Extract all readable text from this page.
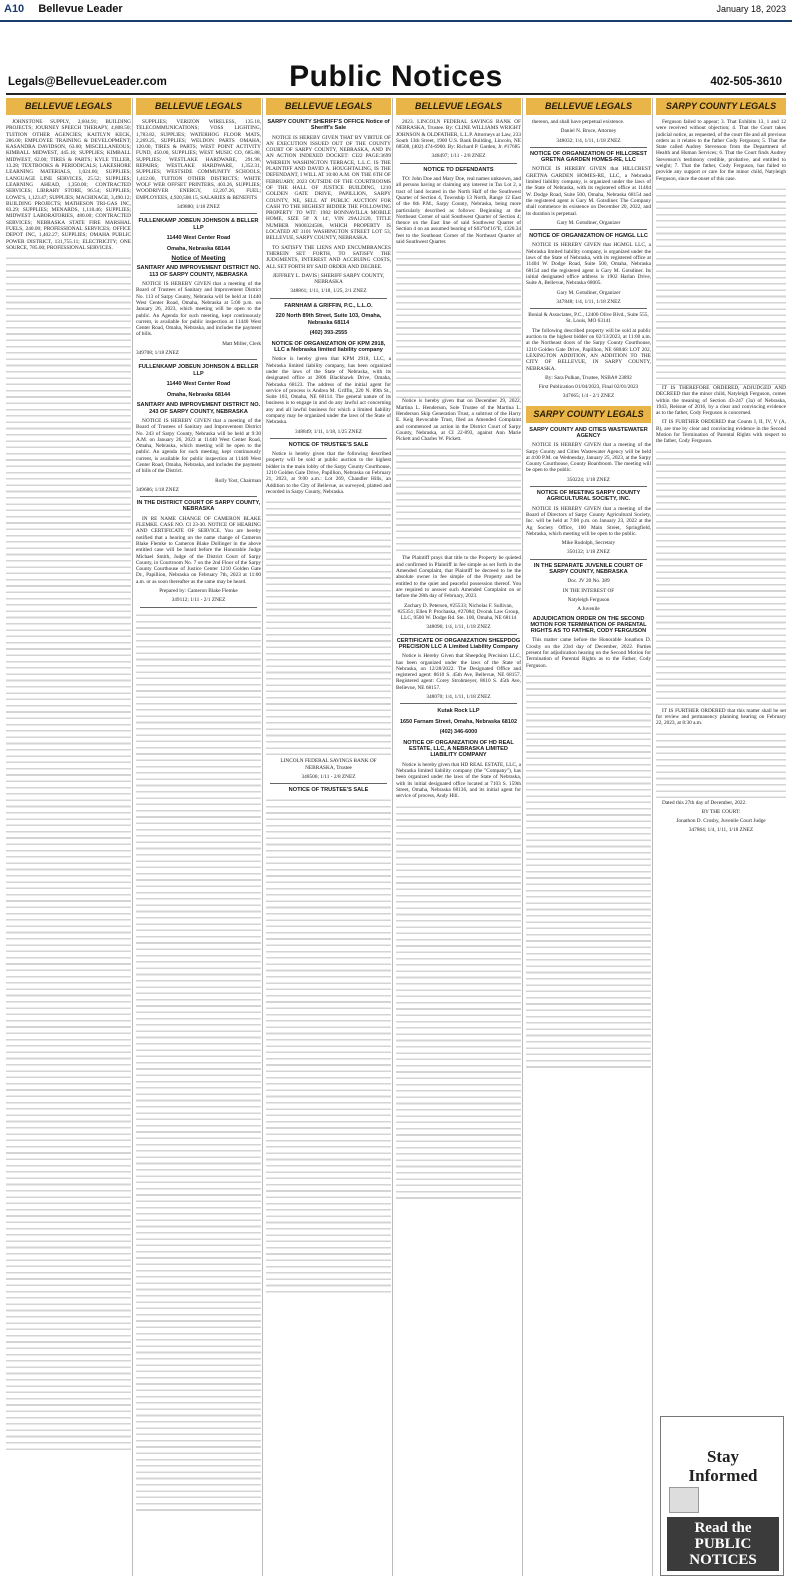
A10 Bellevue Leader	January 18, 2023
Public Notices
Legals@BellevueLeader.com	402-505-3610
BELLEVUE LEGALS

JOHNSTONE SUPPLY, 2,604.91; BUILDING PROJECTS; JOURNEY SPEECH THERAPY, 4,808.50; TUITION OTHER AGENCIES; KAITLYN KECK, 286.00; EMPLOYEE TRAINING & DEVELOPMENT; KASANDRA DAVIDSON, 63.00; MISCELLANEOUS; KIMBALL MIDWEST, 445.16; SUPPLIES; KIMBALL MIDWEST, 62.00; TIRES & PARTS; KYLE TILLER, 13.28; TEXTBOOKS & PERIODICALS; LAKESHORE LEARNING MATERIALS, 1,024.66; SUPPLIES; LANGUAGE LINE SERVICES, 25.52; SUPPLIES; LEARNING AHEAD, 1,350.00; CONTRACTED SERVICES; LIBRARY STORE, 96.54; SUPPLIES; LOWE'S, 1,123.47; SUPPLIES; MACHINAGE, 3,490.12; BUILDING PROJECTS; MATHESON TRI-GAS INC, 83.29; SUPPLIES; MENARDS, 1,118.46; SUPPLIES; MIDWEST LABORATORIES, 480.00; CONTRACTED SERVICES; NEBRASKA STATE FIRE MARSHAL FUELS, 240.00; PROFESSIONAL SERVICES; OFFICE DEPOT INC, 1,402.27; SUPPLIES; OMAHA PUBLIC POWER DISTRICT, 131,755.11; ELECTRICITY; ONE SOURCE, 785.00; PROFESSIONAL SERVICES.

BELLEVUE LEGALS

SUPPLIES; VERIZON WIRELESS, 135.18, TELECOMMUNICATIONS; VOSS LIGHTING, 1,783.82, SUPPLIES; WATERHOG FLOOR MATS, 2,269.25, SUPPLIES; WELDON PARTS OMAHA, 120.00, TIRES & PARTS; WEST POINT ACTIVITY FUND, 450.00, SUPPLIES; WEST MUSIC CO, 685.88, SUPPLIES; WESTLAKE HARDWARE, 291.98, REPAIRS; WESTLAKE HARDWARE, 1,352.31, SUPPLIES; WESTSIDE COMMUNITY SCHOOLS, 1,412.00, TUITION OTHER DISTRICTS; WHITE WOLF WEB OFFSET PRINTERS, 403.26, SUPPLIES; WOODRIVER ENERGY, 12,207.26, FUEL; EMPLOYEES, 4,920,508.15, SALARIES & BENEFITS

349880; 1/18 ZNEZ

FULLENKAMP JOBEUN JOHNSON & BELLER LLP
11440 West Center Road
Omaha, Nebraska 68144

Notice of Meeting

SANITARY AND IMPROVEMENT DISTRICT NO. 113 OF SARPY COUNTY, NEBRASKA

NOTICE IS HEREBY GIVEN that a meeting of the Board of Trustees of Sanitary and Improvement District No. 113 of Sarpy County, Nebraska will be held at 11440 West Center Road, Omaha, Nebraska at 5:00 p.m. on January 26, 2023, which meeting will be open to the public. An Agenda for such meeting, kept continuously current, is available for public inspection at 11440 West Center Road, Omaha, Nebraska, and includes the payment of bills.

Matt Miller, Clerk

349708; 1/18 ZNEZ

FULLENKAMP JOBEUN JOHNSON & BELLER LLP
11440 West Center Road
Omaha, Nebraska 68144

SANITARY AND IMPROVEMENT DISTRICT NO. 243 OF SARPY COUNTY, NEBRASKA

NOTICE IS HEREBY GIVEN that a meeting of the Board of Trustees of Sanitary and Improvement District No. 243 of Sarpy County, Nebraska will be held at 9:30 A.M. on January 26, 2023 at 11440 West Center Road, Omaha, Nebraska, which meeting will be open to the public. An agenda for such meeting, kept continuously current, is available for public inspection at 11440 West Center Road, Omaha, Nebraska, and includes the payment of bills of the District.

Rolly Yost, Chairman

349686; 1/18 ZNEZ

IN THE DISTRICT COURT OF SARPY COUNTY, NEBRASKA

IN RE NAME CHANGE OF CAMERON BLAKE FLEMKE. CASE NO. CI 23-30. NOTICE OF HEARING AND CERTIFICATE OF SERVICE. You are hereby notified that a hearing on the name change of Cameron Blake Flemke to Cameron Blake Dollinger in the above entitled case will be heard before the Honorable Judge Michael Smith, Judge of the District Court of Sarpy County, in Courtroom No. 7 on the 2nd Floor of the Sarpy County Courthouse of Justice Center 1210 Golden Gate Dr., Papillion, Nebraska on February 7th, 2023 at 11:00 a.m. or as soon thereafter as the same may be heard.

Prepared by: Cameron Blake Flemke

349112; 1/11 - 2/1 ZNEZ

BELLEVUE LEGALS

SARPY COUNTY SHERIFF'S OFFICE Notice of Sheriff's Sale

NOTICE IS HEREBY GIVEN THAT BY VIRTUE OF AN EXECUTION ISSUED OUT OF THE COUNTY COURT OF SARPY COUNTY, NEBRASKA, AND IN AN ACTION INDEXED DOCKET: CI22 PAGE:3699 WHEREIN WASHINGTON TERRACE, L.L.C. IS THE PLAINTIFF AND DAVID A. HOUGHTALING, IS THE DEFENDANT, I WILL AT 10:00 A.M. ON THE 6TH OF FEBRUARY, 2023 OUTSIDE OF THE COURTROOMS OF THE HALL OF JUSTICE BUILDING, 1210 GOLDEN GATE DRIVE, PAPILLION, SARPY COUNTY, NE, SELL AT PUBLIC AUCTION FOR CASH TO THE HIGHEST BIDDER THE FOLLOWING PROPERTY TO WIT: 1982 BONNAVILLA MOBILE HOME, SIZE 50' X 14', VIN 29A12120, TITLE NUMBER N000324586, WHICH PROPERTY IS LOCATED AT 3101 WASHINGTON STREET LOT 53, BELLEVUE, SARPY COUNTY, NEBRASKA.

TO SATISFY THE LIENS AND ENCUMBRANCES THEREIN SET FORTH, TO SATISFY THE JUDGMENTS, INTEREST AND ACCRUING COSTS, ALL SET FORTH BY SAID ORDER AND DECREE.

JEFFREY L. DAVIS | SHERIFF SARPY COUNTY, NEBRASKA

348861; 1/11, 1/18, 1/25, 2/1 ZNEZ

FARNHAM & GRIFFIN, P.C., L.L.O.
220 North 89th Street, Suite 103, Omaha, Nebraska 68114
(402) 393-2555

NOTICE OF ORGANIZATION OF KPM 2918, LLC a Nebraska limited liability company

Notice is hereby given that KPM 2918, LLC, a Nebraska limited liability company, has been organized under the laws of the State of Nebraska, with its designated office at 2806 Blackhawk Drive, Omaha, Nebraska 68123. The address of the initial agent for service of process is Andrea M. Griffin, 220 N. 89th St., Suite 103, Omaha, NE 68114. The general nature of its business is to engage in and do any lawful act concerning any and all lawful business for which a limited liability company may be organized under the laws of the State of Nebraska.

348849; 1/11, 1/18, 1/25 ZNEZ

NOTICE OF TRUSTEE'S SALE

Notice is hereby given that the following described property will be sold at public auction to the highest bidder in the main lobby of the Sarpy County Courthouse, 1210 Golden Gate Drive, Papillion, Nebraska on February 21, 2023, at 9:00 a.m.: Lot 269, Chandler Hills, an Addition to the City of Bellevue, as surveyed, platted and recorded in Sarpy County, Nebraska.

LINCOLN FEDERAL SAVINGS BANK OF NEBRASKA, Trustee

348506; 1/11 - 2/8 ZNEZ

NOTICE OF TRUSTEE'S SALE

BELLEVUE LEGALS

2023. LINCOLN FEDERAL SAVINGS BANK OF NEBRASKA, Trustee. By: CLINE WILLIAMS WRIGHT JOHNSON & OLDFATHER, L.L.P. Attorneys at Law, 233 South 13th Street, 1900 U.S. Bank Building, Lincoln, NE 68508, (402) 474-6900. By: Richard P. Garden, Jr. #17685

348497; 1/11 - 2/8 ZNEZ

NOTICE TO DEFENDANTS

TO: John Doe and Mary Doe, real names unknown, and all persons having or claiming any interest in Tax Lot 2, a tract of land located in the North Half of the Southwest Quarter of Section 4, Township 13 North, Range 12 East of the 6th P.M., Sarpy County, Nebraska, being more particularly described as follows: Beginning at the Northeast Corner of said Southwest Quarter of Section 4; thence on the East line of said Southwest Quarter of Section 4 on an assumed bearing of S03°04'16"E, 1326.34 feet to the Southeast Corner of the Northeast Quarter of said Southwest Quarter.

Notice is hereby given that on December 29, 2022, Martina L. Henderson, Sole Trustee of the Martina L. Henderson Skip Generation Trust, a subtrust of the Harry E. Keig Revocable Trust, filed an Amended Complaint and commenced an action in the District Court of Sarpy County, Nebraska, at CI 22-893, against Ann Marie Pickett and Charles W. Pickett.

The Plaintiff prays that title to the Property be quieted and confirmed in Plaintiff in fee simple as set forth in the Amended Complaint, that Plaintiff be decreed to be the absolute owner in fee simple of the Property and be entitled to the quiet and peaceful possession thereof. You are required to answer such Amended Complaint on or before the 28th day of February, 2023.

Zachary D. Petersen, #25533; Nicholas F. Sullivan, #25351; Ellen P. Prochaska, #27084; Dvorak Law Group, LLC, 9500 W. Dodge Rd. Ste. 100, Omaha, NE 68114

348096; 1/4, 1/11, 1/18 ZNEZ

CERTIFICATE OF ORGANIZATION SHEEPDOG PRECISION LLC A Limited Liability Company

Notice is Hereby Given that Sheepdog Precision LLC, has been organized under the laws of the State of Nebraska, on 12/28/2022. The Designated Office and registered agent: 8610 S. 45th Ave, Bellevue, NE 68157. Registered agent: Corey Strohmeyer, 8610 S. 45th Ave, Bellevue, NE 68157.

348070; 1/4, 1/11, 1/18 ZNEZ

Kutak Rock LLP
1650 Farnam Street, Omaha, Nebraska 68102
(402) 346-6000

NOTICE OF ORGANIZATION OF HD REAL ESTATE, LLC, A NEBRASKA LIMITED LIABILITY COMPANY

Notice is hereby given that HD REAL ESTATE, LLC, a Nebraska limited liability company (the "Company"), has been organized under the laws of the State of Nebraska, with its initial designated office located at 7103 S. 159th Street, Omaha, Nebraska 68136, and its initial agent for service of process, Andy Hill.

BELLEVUE LEGALS

thereon, and shall have perpetual existence.

Daniel N. Bruce, Attorney

348032; 1/4, 1/11, 1/18 ZNEZ

NOTICE OF ORGANIZATION OF HILLCREST GRETNA GARDEN HOMES-RE, LLC

NOTICE IS HEREBY GIVEN that HILLCREST GRETNA GARDEN HOMES-RE, LLC, a Nebraska limited liability company, is organized under the laws of the State of Nebraska, with its registered office at 11404 W. Dodge Road, Suite 500, Omaha, Nebraska 68154 and the registered agent is Gary M. Gotsdiner. The Company shall commence its existence on December 20, 2022, and its duration is perpetual.

Gary M. Gotsdiner, Organizer

NOTICE OF ORGANIZATION OF HGMGL LLC

NOTICE IS HEREBY GIVEN that HGMGL LLC, a Nebraska limited liability company, is organized under the laws of the State of Nebraska, with its registered office at 11404 W. Dodge Road, Suite 500, Omaha, Nebraska 68154 and the registered agent is Gary M. Gotsdiner. Its initial designated office address is 1902 Harlan Drive, Suite A, Bellevue, Nebraska 68005.

Gary M. Gotsdiner, Organizer

347848; 1/4, 1/11, 1/18 ZNEZ

Bonial & Associates, P.C., 12400 Olive Blvd., Suite 555, St. Louis, MO 63141

The following described property will be sold at public auction to the highest bidder on 02/13/2023, at 11:00 a.m. at the Northeast doors of the Sarpy County Courthouse, 1210 Golden Gate Drive, Papillion, NE 68046: LOT 202, LEXINGTON ADDITION, AN ADDITION TO THE CITY OF BELLEVUE, IN SARPY COUNTY, NEBRASKA.

By: Sara Pulkan, Trustee, NSBA# 23892

First Publication 01/04/2023, Final 02/01/2023

347665; 1/4 - 2/1 ZNEZ

SARPY COUNTY LEGALS

SARPY COUNTY AND CITIES WASTEWATER AGENCY

NOTICE IS HEREBY GIVEN that a meeting of the Sarpy County and Cities Wastewater Agency will be held at 4:00 P.M. on Wednesday, January 25, 2023, at the Sarpy County Courthouse, County Boardroom. The meeting will be open to the public.

350224; 1/18 ZNEZ

NOTICE OF MEETING SARPY COUNTY AGRICULTURAL SOCIETY, INC.

NOTICE IS HEREBY GIVEN that a meeting of the Board of Directors of Sarpy County Agricultural Society, Inc. will be held at 7:00 p.m. on January 23, 2022 at the Ag Society Office, 100 Main Street, Springfield, Nebraska, which meeting will be open to the public.

Mike Rudolph, Secretary

350132; 1/18 ZNEZ

IN THE SEPARATE JUVENILE COURT OF SARPY COUNTY, NEBRASKA

Doc. JV 20 No. 389

IN THE INTEREST OF

Natyleigh Ferguson

A Juvenile

ADJUDICATION ORDER ON THE SECOND MOTION FOR TERMINATION OF PARENTAL RIGHTS AS TO FATHER, CODY FERGUSON

This matter came before the Honorable Jonathon D. Crosby on the 23rd day of December, 2022. Parties present for adjudication hearing on the Second Motion for Termination of Parental Rights as to the Father, Cody Ferguson.

SARPY COUNTY LEGALS

Ferguson failed to appear; 3. That Exhibits 13, 1 and 12 were received without objection; 4. That the Court takes judicial notice, as requested, of the court file and all previous orders as it relates to the father Cody Ferguson; 5. That the State called Audrey Stevenson from the Department of Health and Human Services; 6. That the Court finds Audrey Stevenson's testimony credible, probative, and entitled to weight; 7. That the father, Cody Ferguson, has failed to provide any support or care for the minor child, Natyleigh Ferguson, since the onset of this case.

IT IS THEREFORE ORDERED, ADJUDGED AND DECREED that the minor child, Natyleigh Ferguson, comes within the meaning of Section 43-247 (3a) of Nebraska, 1943, Reissue of 2016, by a clear and convincing evidence as to the father, Cody Ferguson is concerned.

IT IS FURTHER ORDERED that Counts I, II, IV, V (A, B), are true by clear and convincing evidence in the Second Motion for Termination of Parental Rights with respect to the father, Cody Ferguson.

IT IS FURTHER ORDERED that this matter shall be set for review and permanency planning hearing on February 22, 2023, at 8:30 a.m.

Dated this 27th day of December, 2022.

BY THE COURT:

Jonathon D. Crosby, Juvenile Court Judge

347864; 1/4, 1/11, 1/18 ZNEZ

Stay
Informed
Read the
PUBLIC
NOTICES
